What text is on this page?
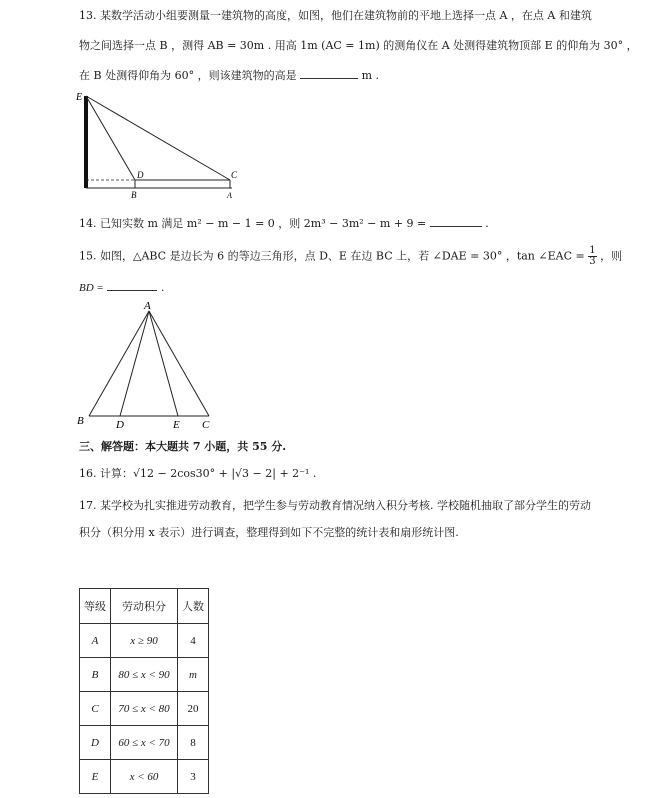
13. 某数学活动小组要测量一建筑物的高度，如图，他们在建筑物前的平地上选择一点 A ，在点 A 和建筑
物之间选择一点 B ，测得 AB = 30m . 用高 1m (AC = 1m) 的测角仪在 A 处测得建筑物顶部 E 的仰角为 30° ，
在 B 处测得仰角为 60° ，则该建筑物的高是	m .
E
D	C
B	A
14. 已知实数 m 满足 m² − m − 1 = 0 ，则 2m³ − 3m² − m + 9 =	.
15. 如图，△ABC 是边长为 6 的等边三角形，点 D、E 在边 BC 上，若 ∠DAE = 30° ，tan ∠EAC = $\frac{1}{3}$ ，则
BD =	.
A
B	D	E C
三、解答题：本大题共 7 小题，共 55 分.
16. 计算：√12 − 2cos30° + |√3 − 2| + 2⁻¹ .
17. 某学校为扎实推进劳动教育，把学生参与劳动教育情况纳入积分考核. 学校随机抽取了部分学生的劳动
积分（积分用 x 表示）进行调查，整理得到如下不完整的统计表和扇形统计图.
等级	劳动积分	人数
A	x ≥ 90	4
B	80 ≤ x < 90	m
C	70 ≤ x < 80	20
D	60 ≤ x < 70	8
E	x < 60	3
